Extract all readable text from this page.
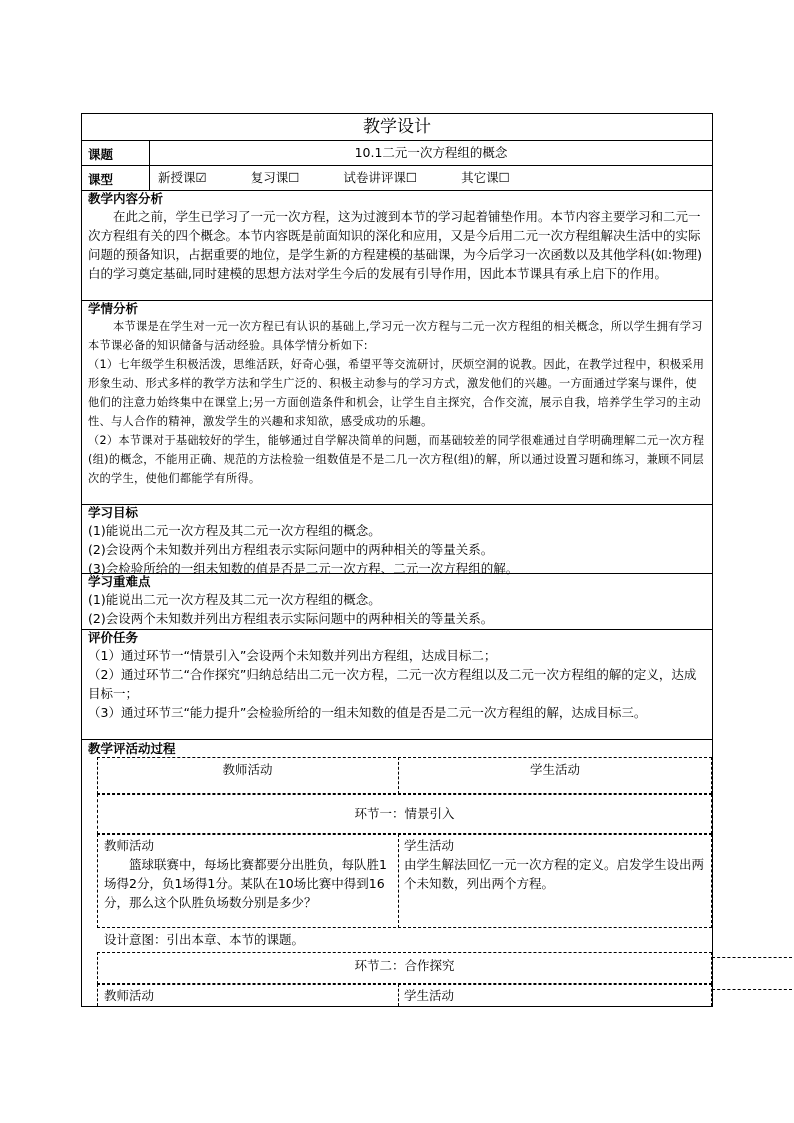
教学设计
课题	10.1二元一次方程组的概念
课型	新授课☑	复习课☐	试卷讲评课☐	其它课☐
教学内容分析

在此之前，学生已学习了一元一次方程，这为过渡到本节的学习起着铺垫作用。本节内容主要学习和二元一次方程组有关的四个概念。本节内容既是前面知识的深化和应用，又是今后用二元一次方程组解决生活中的实际问题的预备知识，占据重要的地位，是学生新的方程建模的基础课，为今后学习一次函数以及其他学科(如:物理)白的学习奠定基础,同时建模的思想方法对学生今后的发展有引导作用，因此本节课具有承上启下的作用。

学情分析

本节课是在学生对一元一次方程已有认识的基础上,学习元一次方程与二元一次方程组的相关概念，所以学生拥有学习本节课必备的知识储备与活动经验。具体学情分析如下:

（1）七年级学生积极活泼，思维活跃，好奇心强，希望平等交流研讨，厌烦空洞的说教。因此，在教学过程中，积极采用形象生动、形式多样的教学方法和学生广泛的、积极主动参与的学习方式，激发他们的兴趣。一方面通过学案与课件，使他们的注意力始终集中在课堂上;另一方面创造条件和机会，让学生自主探究，合作交流，展示自我，培养学生学习的主动性、与人合作的精神，激发学生的兴趣和求知欲，感受成功的乐趣。

（2）本节课对于基础较好的学生，能够通过自学解决简单的问题，而基础较差的同学很难通过自学明确理解二元一次方程(组)的概念，不能用正确、规范的方法检验一组数值是不是二几一次方程(组)的解，所以通过设置习题和练习，兼顾不同层次的学生，使他们都能学有所得。

学习目标

(1)能说出二元一次方程及其二元一次方程组的概念。

(2)会设两个未知数并列出方程组表示实际问题中的两种相关的等量关系。

(3)会检验所给的一组未知数的值是否是二元一次方程、二元一次方程组的解。

学习重难点

(1)能说出二元一次方程及其二元一次方程组的概念。

(2)会设两个未知数并列出方程组表示实际问题中的两种相关的等量关系。

评价任务

（1）通过环节一“情景引入”会设两个未知数并列出方程组，达成目标二；

（2）通过环节二“合作探究”归纳总结出二元一次方程，二元一次方程组以及二元一次方程组的解的定义，达成目标一；

（3）通过环节三“能力提升”会检验所给的一组未知数的值是否是二元一次方程组的解，达成目标三。

教学评活动过程
教师活动	学生活动
环节一：情景引入
教师活动
篮球联赛中，每场比赛都要分出胜负，每队胜1场得2分，负1场得1分。某队在10场比赛中得到16分，那么这个队胜负场数分别是多少？
学生活动
由学生解法回忆一元一次方程的定义。启发学生设出两个未知数，列出两个方程。
设计意图：引出本章、本节的课题。
环节二：合作探究
教师活动	学生活动
